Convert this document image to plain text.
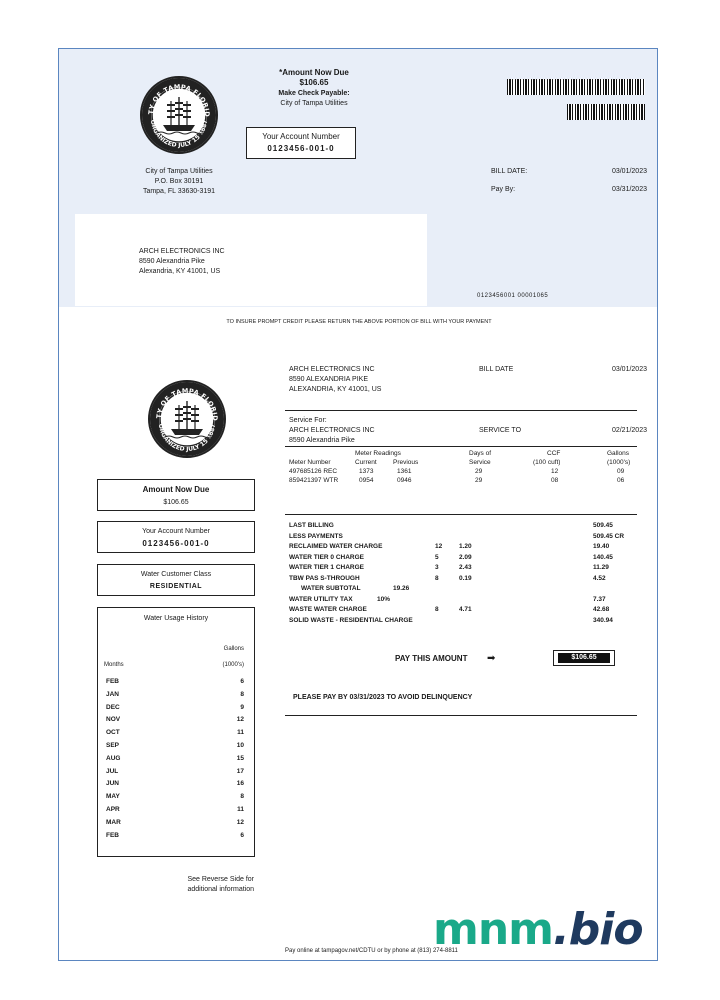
TY OF TAMPA FLORID
ORGANIZED JULY 15 1887
City of Tampa Utilities
P.O. Box 30191
Tampa, FL 33630-3191
*Amount Now Due
$106.65
Make Check Payable:
City of Tampa Utilities
Your Account Number
0123456-001-0
BILL DATE:	03/01/2023
Pay By:	03/31/2023
ARCH ELECTRONICS INC
8590 Alexandria Pike
Alexandria, KY 41001, US
0123456001 00001065
TO INSURE PROMPT CREDIT PLEASE RETURN THE ABOVE PORTION OF BILL WITH YOUR PAYMENT
TY OF TAMPA FLORID
ORGANIZED JULY 15 1887
Amount Now Due
$106.65
Your Account Number
0123456-001-0
Water Customer Class
RESIDENTIAL
Water Usage History
Gallons
Months	(1000's)
FEB	6
JAN	8
DEC	9
NOV	12
OCT	11
SEP	10
AUG	15
JUL	17
JUN	16
MAY	8
APR	11
MAR	12
FEB	6
See Reverse Side for
additional information
ARCH ELECTRONICS INC
8590 ALEXANDRIA PIKE
ALEXANDRIA, KY 41001, US
BILL DATE	03/01/2023
Service For:
ARCH ELECTRONICS INC
8590 Alexandria Pike
SERVICE TO	02/21/2023
Meter Readings	Days of	CCF	Gallons
Meter Number	Current	Previous	Service	(100 cuft)	(1000's)
497685126 REC	1373	1361	29	12	09
859421397 WTR	0954	0946	29	08	06
LAST BILLING	509.45
LESS PAYMENTS	509.45 CR
RECLAIMED WATER CHARGE	12	1.20	19.40
WATER TIER 0 CHARGE	5	2.09	140.45
WATER TIER 1 CHARGE	3	2.43	11.29
TBW PAS S-THROUGH	8	0.19	4.52
WATER SUBTOTAL	19.26
WATER UTILITY TAX	10%	7.37
WASTE WATER CHARGE	8	4.71	42.68
SOLID WASTE - RESIDENTIAL CHARGE	340.94
PAY THIS AMOUNT ➡	$106.65
PLEASE PAY BY 03/31/2023 TO AVOID DELINQUENCY
Pay online at tampagov.net/CDTU or by phone at (813) 274-8811
mnm.bio
